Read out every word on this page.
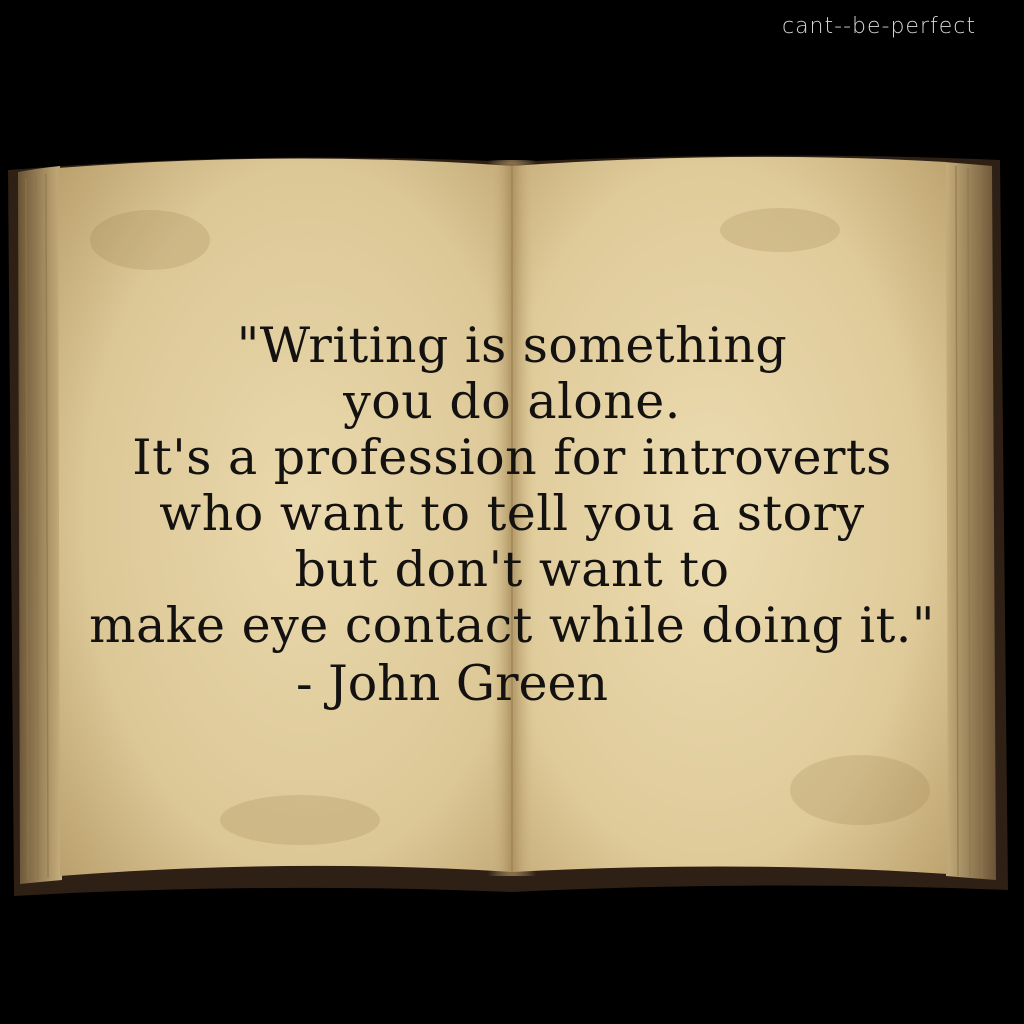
cant--be-perfect
"Writing is something
you do alone.
It's a profession for introverts
who want to tell you a story
but don't want to
make eye contact while doing it."
- John Green
